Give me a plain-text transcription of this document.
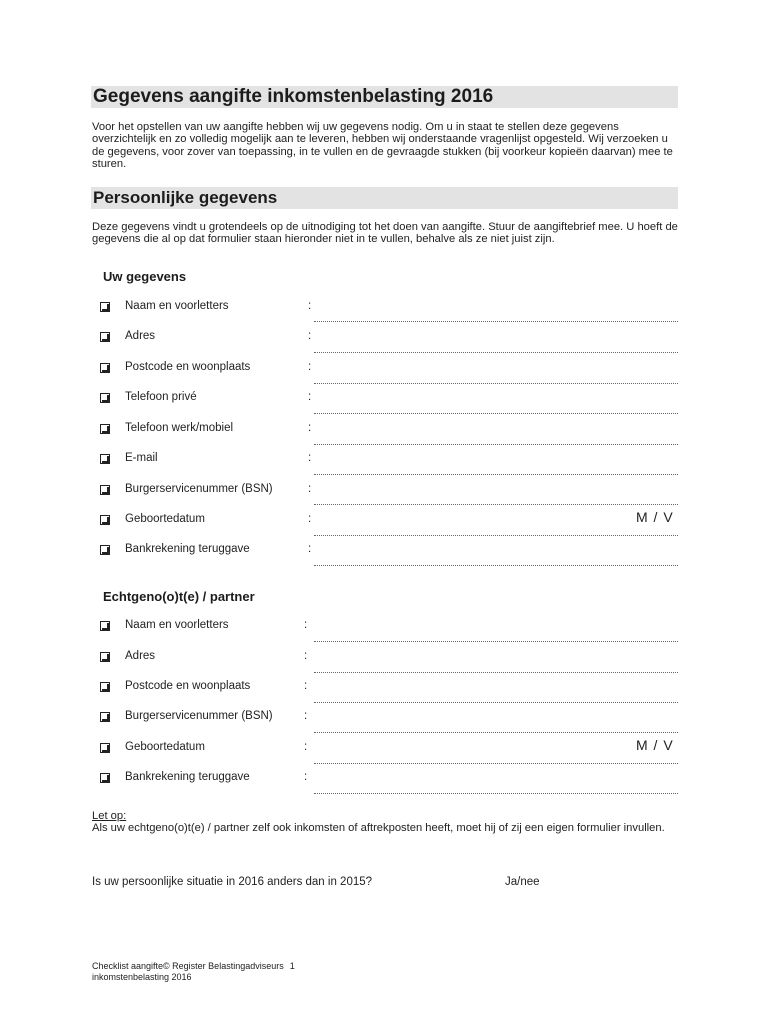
Gegevens aangifte inkomstenbelasting 2016

Voor het opstellen van uw aangifte hebben wij uw gegevens nodig. Om u in staat te stellen deze gegevens overzichtelijk en zo volledig mogelijk aan te leveren, hebben wij onderstaande vragenlijst opgesteld. Wij verzoeken u de gegevens, voor zover van toepassing, in te vullen en de gevraagde stukken (bij voorkeur kopieën daarvan) mee te sturen.

Persoonlijke gegevens

Deze gegevens vindt u grotendeels op de uitnodiging tot het doen van aangifte. Stuur de aangiftebrief mee. U hoeft de gegevens die al op dat formulier staan hieronder niet in te vullen, behalve als ze niet juist zijn.

Uw gegevens
Naam en voorletters	:
Adres	:
Postcode en woonplaats	:
Telefoon privé	:
Telefoon werk/mobiel	:
E-mail	:
Burgerservicenummer (BSN)	:
Geboortedatum	:	M / V
Bankrekening teruggave	:
Echtgeno(o)t(e) / partner
Naam en voorletters	:
Adres	:
Postcode en woonplaats	:
Burgerservicenummer (BSN)	:
Geboortedatum	:	M / V
Bankrekening teruggave	:
Let op:
Als uw echtgeno(o)t(e) / partner zelf ook inkomsten of aftrekposten heeft, moet hij of zij een eigen formulier invullen.
Is uw persoonlijke situatie in 2016 anders dan in 2015?	Ja/nee
Checklist aangifte© Register Belastingadviseurs 1
inkomstenbelasting 2016
